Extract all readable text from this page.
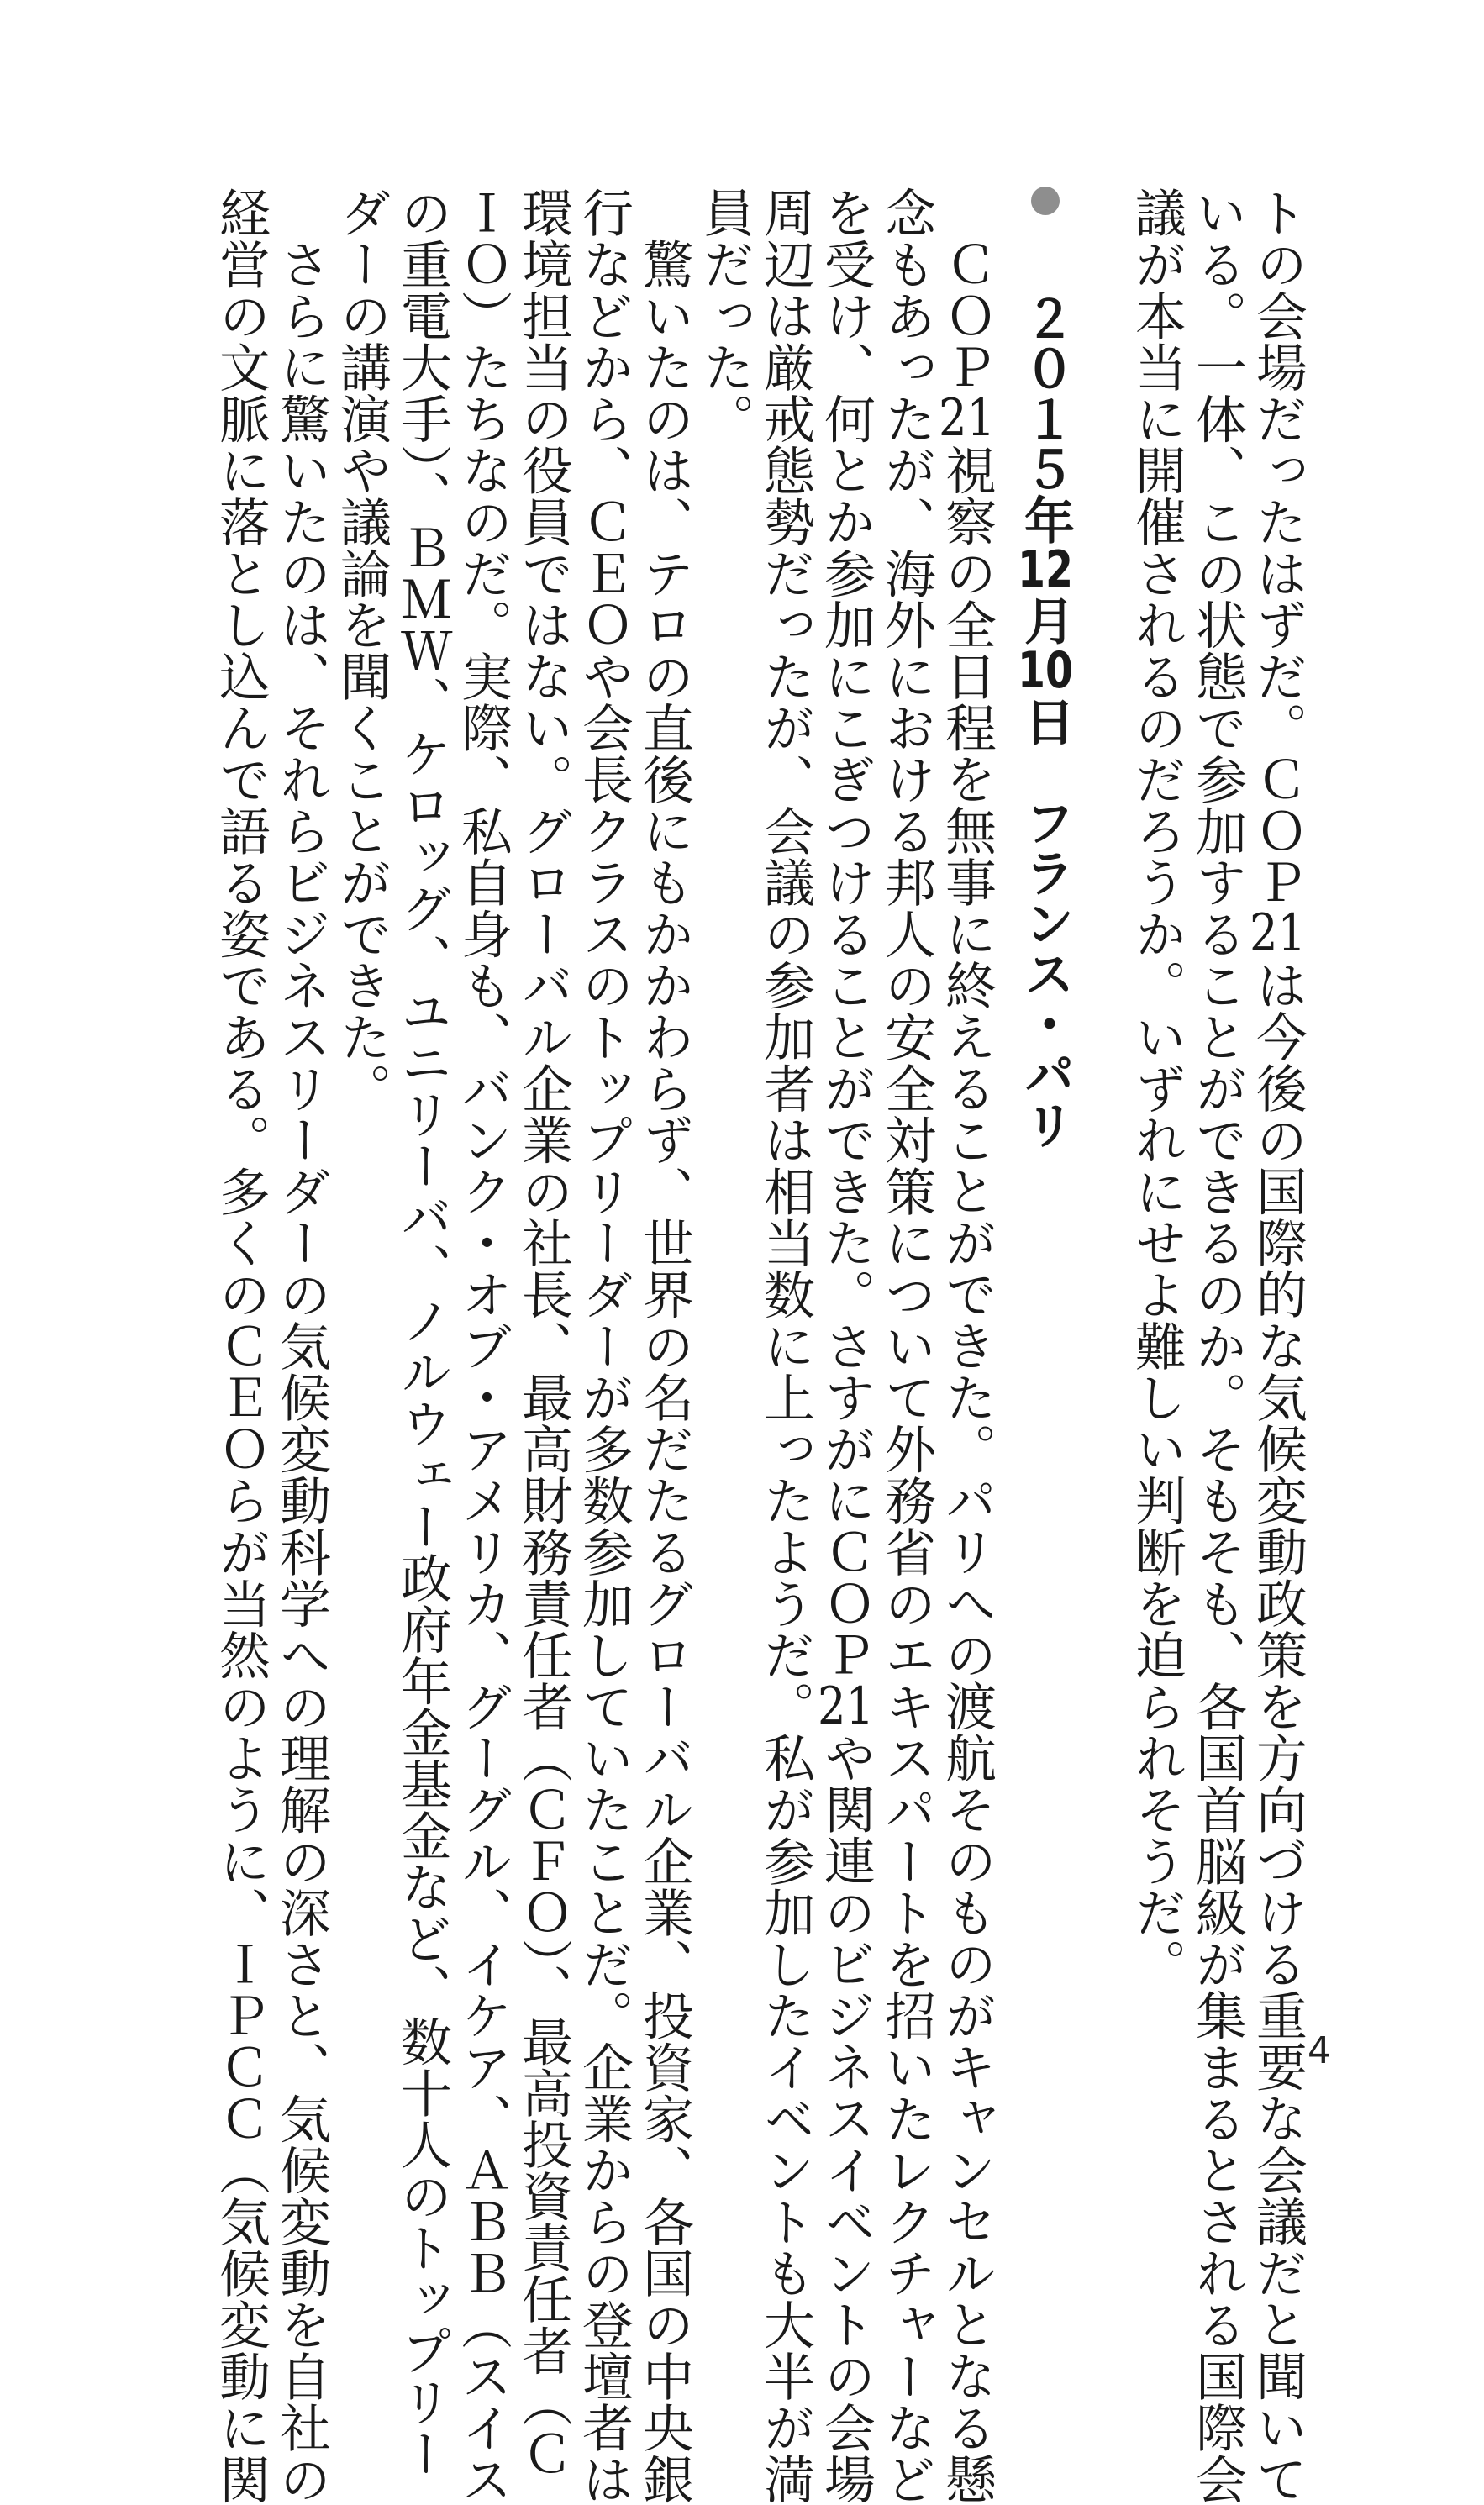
トの会場だったはずだ。ＣＯＰ21は今後の国際的な気候変動政策を方向づける重要な会議だと聞いて
いる。一体、この状態で参加することができるのか。そもそも、各国首脳級が集まるとされる国際会
議が本当に開催されるのだろうか。いずれにせよ難しい判断を迫られそうだ。
２０１５年12月10日　フランス・パリ
　ＣＯＰ21視察の全日程を無事に終えることができた。パリへの渡航そのものがキャンセルとなる懸
念もあったが、海外における邦人の安全対策について外務省のエキスパートを招いたレクチャーなど
を受け、何とか参加にこぎつけることができた。さすがにＣＯＰ21や関連のビジネスイベントの会場
周辺は厳戒態勢だったが、会議の参加者は相当数に上ったようだ。私が参加したイベントも大半が満
員だった。
　驚いたのは、テロの直後にもかかわらず、世界の名だたるグローバル企業、投資家、各国の中央銀
行などから、ＣＥＯや会長クラスのトップリーダーが多数参加していたことだ。企業からの登壇者は
環境担当の役員ではない。グローバル企業の社長、最高財務責任者（ＣＦＯ）、最高投資責任者（Ｃ
ＩＯ）たちなのだ。実際、私自身も、バンク・オブ・アメリカ、グーグル、イケア、ＡＢＢ（スイス
の重電大手）、ＢＭＷ、ケロッグ、ユニリーバ、ノルウェー政府年金基金など、数十人のトップリー
ダーの講演や議論を聞くことができた。
　さらに驚いたのは、それらビジネスリーダーの気候変動科学への理解の深さと、気候変動を自社の
経営の文脈に落とし込んで語る姿である。多くのＣＥＯらが当然のように、ＩＰＣＣ（気候変動に関	4
